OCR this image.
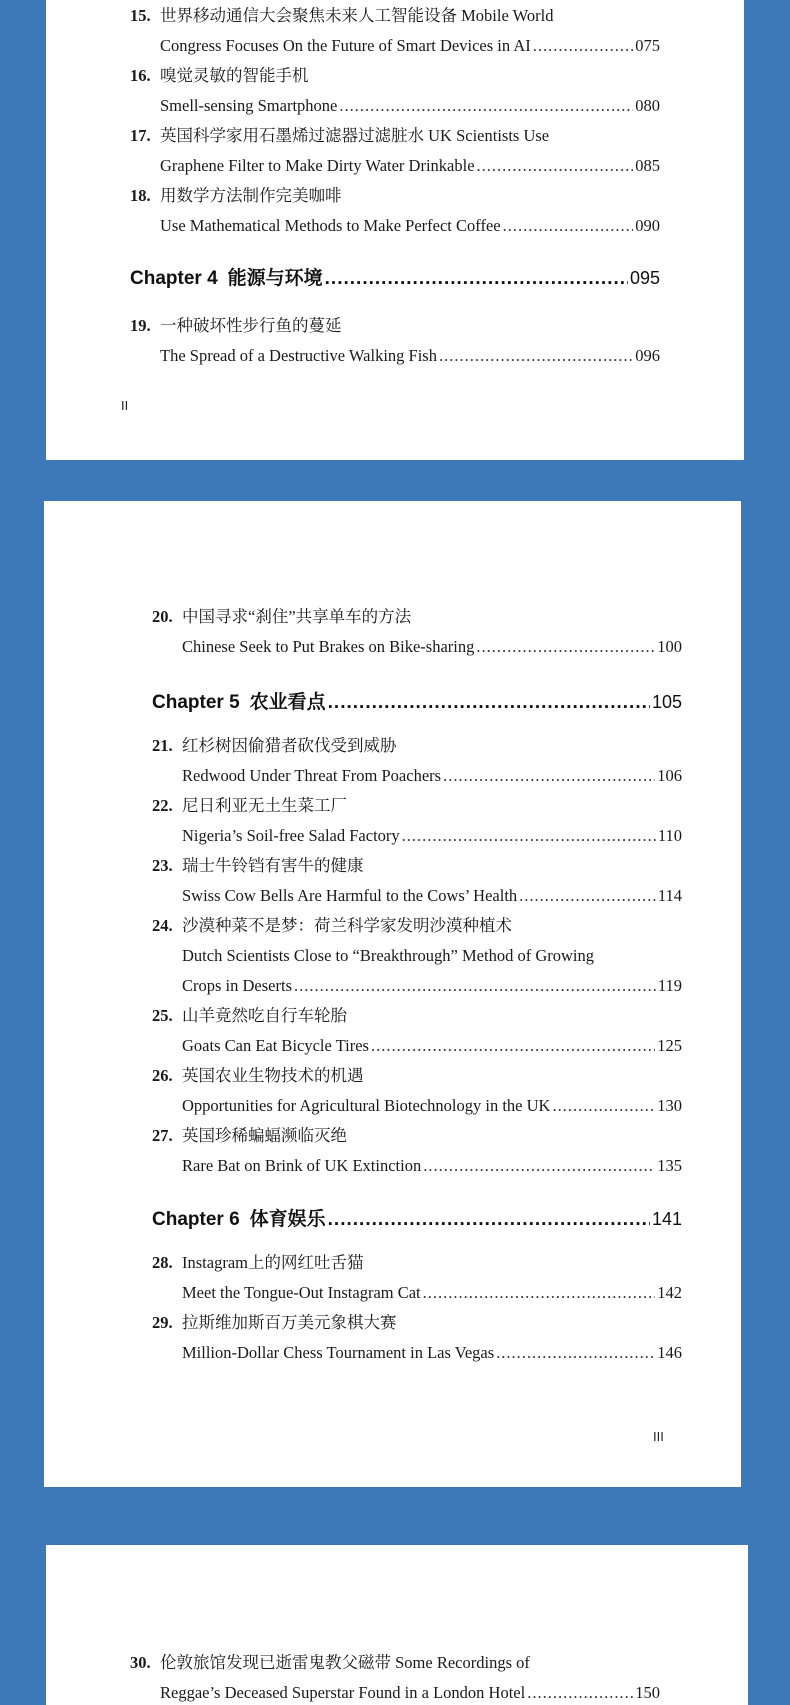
15. 世界移动通信大会聚焦未来人工智能设备 Mobile World
Congress Focuses On the Future of Smart Devices in AI .....	075
16. 嗅觉灵敏的智能手机
Smell-sensing Smartphone .....	080
17. 英国科学家用石墨烯过滤器过滤脏水 UK Scientists Use
Graphene Filter to Make Dirty Water Drinkable .....	085
18. 用数学方法制作完美咖啡
Use Mathematical Methods to Make Perfect Coffee .....	090
Chapter 4 能源与环境 .....	095
19. 一种破坏性步行鱼的蔓延
The Spread of a Destructive Walking Fish .....	096
II
20. 中国寻求“刹住”共享单车的方法
Chinese Seek to Put Brakes on Bike-sharing .....	100
Chapter 5 农业看点 .....	105
21. 红杉树因偷猎者砍伐受到威胁
Redwood Under Threat From Poachers .....	106
22. 尼日利亚无土生菜工厂
Nigeria’s Soil-free Salad Factory .....	110
23. 瑞士牛铃铛有害牛的健康
Swiss Cow Bells Are Harmful to the Cows’ Health .....	114
24. 沙漠种菜不是梦：荷兰科学家发明沙漠种植术
Dutch Scientists Close to “Breakthrough” Method of Growing
Crops in Deserts .....	119
25. 山羊竟然吃自行车轮胎
Goats Can Eat Bicycle Tires .....	125
26. 英国农业生物技术的机遇
Opportunities for Agricultural Biotechnology in the UK .....	130
27. 英国珍稀蝙蝠濒临灭绝
Rare Bat on Brink of UK Extinction .....	135
Chapter 6 体育娱乐 .....	141
28. Instagram上的网红吐舌猫
Meet the Tongue-Out Instagram Cat .....	142
29. 拉斯维加斯百万美元象棋大赛
Million-Dollar Chess Tournament in Las Vegas .....	146
III
30. 伦敦旅馆发现已逝雷鬼教父磁带 Some Recordings of
Reggae’s Deceased Superstar Found in a London Hotel .....	150
